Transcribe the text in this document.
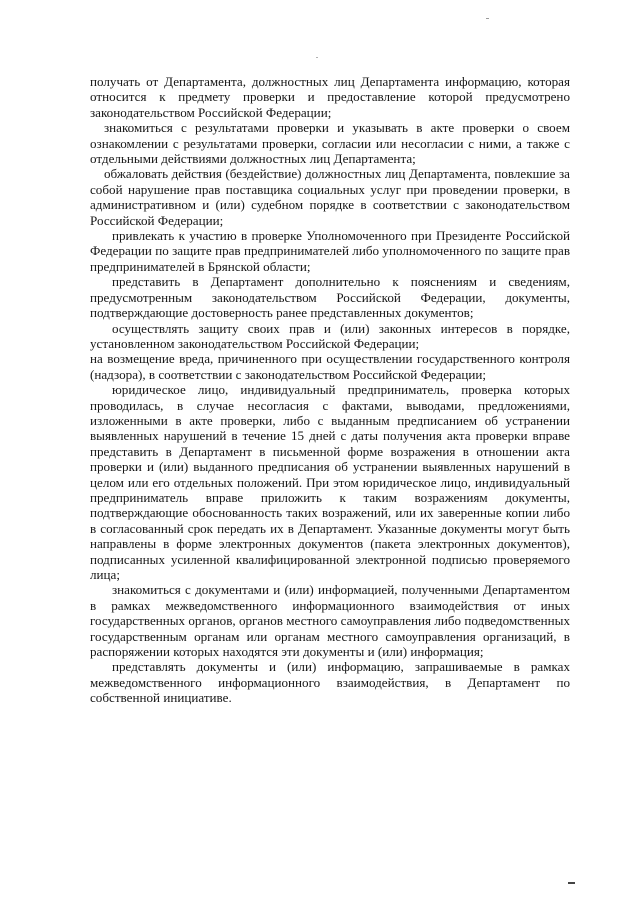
получать от Департамента, должностных лиц Департамента информацию, которая относится к предмету проверки и предоставление которой предусмотрено законодательством Российской Федерации;

знакомиться с результатами проверки и указывать в акте проверки о своем ознакомлении с результатами проверки, согласии или несогласии с ними, а также с отдельными действиями должностных лиц Департамента;

обжаловать действия (бездействие) должностных лиц Департамента, повлекшие за собой нарушение прав поставщика социальных услуг при проведении проверки, в административном и (или) судебном порядке в соответствии с законодательством Российской Федерации;

привлекать к участию в проверке Уполномоченного при Президенте Российской Федерации по защите прав предпринимателей либо уполномоченного по защите прав предпринимателей в Брянской области;

представить в Департамент дополнительно к пояснениям и сведениям, предусмотренным законодательством Российской Федерации, документы, подтверждающие достоверность ранее представленных документов;

осуществлять защиту своих прав и (или) законных интересов в порядке, установленном законодательством Российской Федерации;

на возмещение вреда, причиненного при осуществлении государственного контроля (надзора), в соответствии с законодательством Российской Федерации;

юридическое лицо, индивидуальный предприниматель, проверка которых проводилась, в случае несогласия с фактами, выводами, предложениями, изложенными в акте проверки, либо с выданным предписанием об устранении выявленных нарушений в течение 15 дней с даты получения акта проверки вправе представить в Департамент в письменной форме возражения в отношении акта проверки и (или) выданного предписания об устранении выявленных нарушений в целом или его отдельных положений. При этом юридическое лицо, индивидуальный предприниматель вправе приложить к таким возражениям документы, подтверждающие обоснованность таких возражений, или их заверенные копии либо в согласованный срок передать их в Департамент. Указанные документы могут быть направлены в форме электронных документов (пакета электронных документов), подписанных усиленной квалифицированной электронной подписью проверяемого лица;

знакомиться с документами и (или) информацией, полученными Департаментом в рамках межведомственного информационного взаимодействия от иных государственных органов, органов местного самоуправления либо подведомственных государственным органам или органам местного самоуправления организаций, в распоряжении которых находятся эти документы и (или) информация;

представлять документы и (или) информацию, запрашиваемые в рамках межведомственного информационного взаимодействия, в Департамент по собственной инициативе.
